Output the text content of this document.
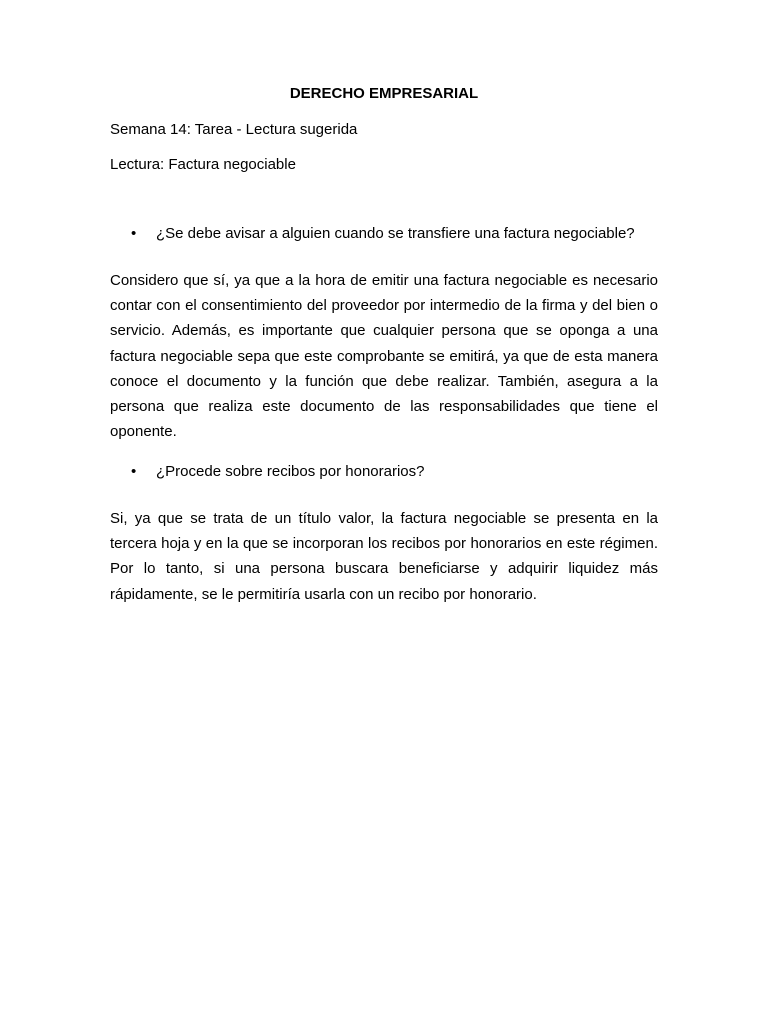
DERECHO EMPRESARIAL

Semana 14: Tarea - Lectura sugerida

Lectura: Factura negociable

• ¿Se debe avisar a alguien cuando se transfiere una factura negociable?

Considero que sí, ya que a la hora de emitir una factura negociable es necesario contar con el consentimiento del proveedor por intermedio de la firma y del bien o servicio. Además, es importante que cualquier persona que se oponga a una factura negociable sepa que este comprobante se emitirá, ya que de esta manera conoce el documento y la función que debe realizar. También, asegura a la persona que realiza este documento de las responsabilidades que tiene el oponente.

• ¿Procede sobre recibos por honorarios?

Si, ya que se trata de un título valor, la factura negociable se presenta en la tercera hoja y en la que se incorporan los recibos por honorarios en este régimen. Por lo tanto, si una persona buscara beneficiarse y adquirir liquidez más rápidamente, se le permitiría usarla con un recibo por honorario.
